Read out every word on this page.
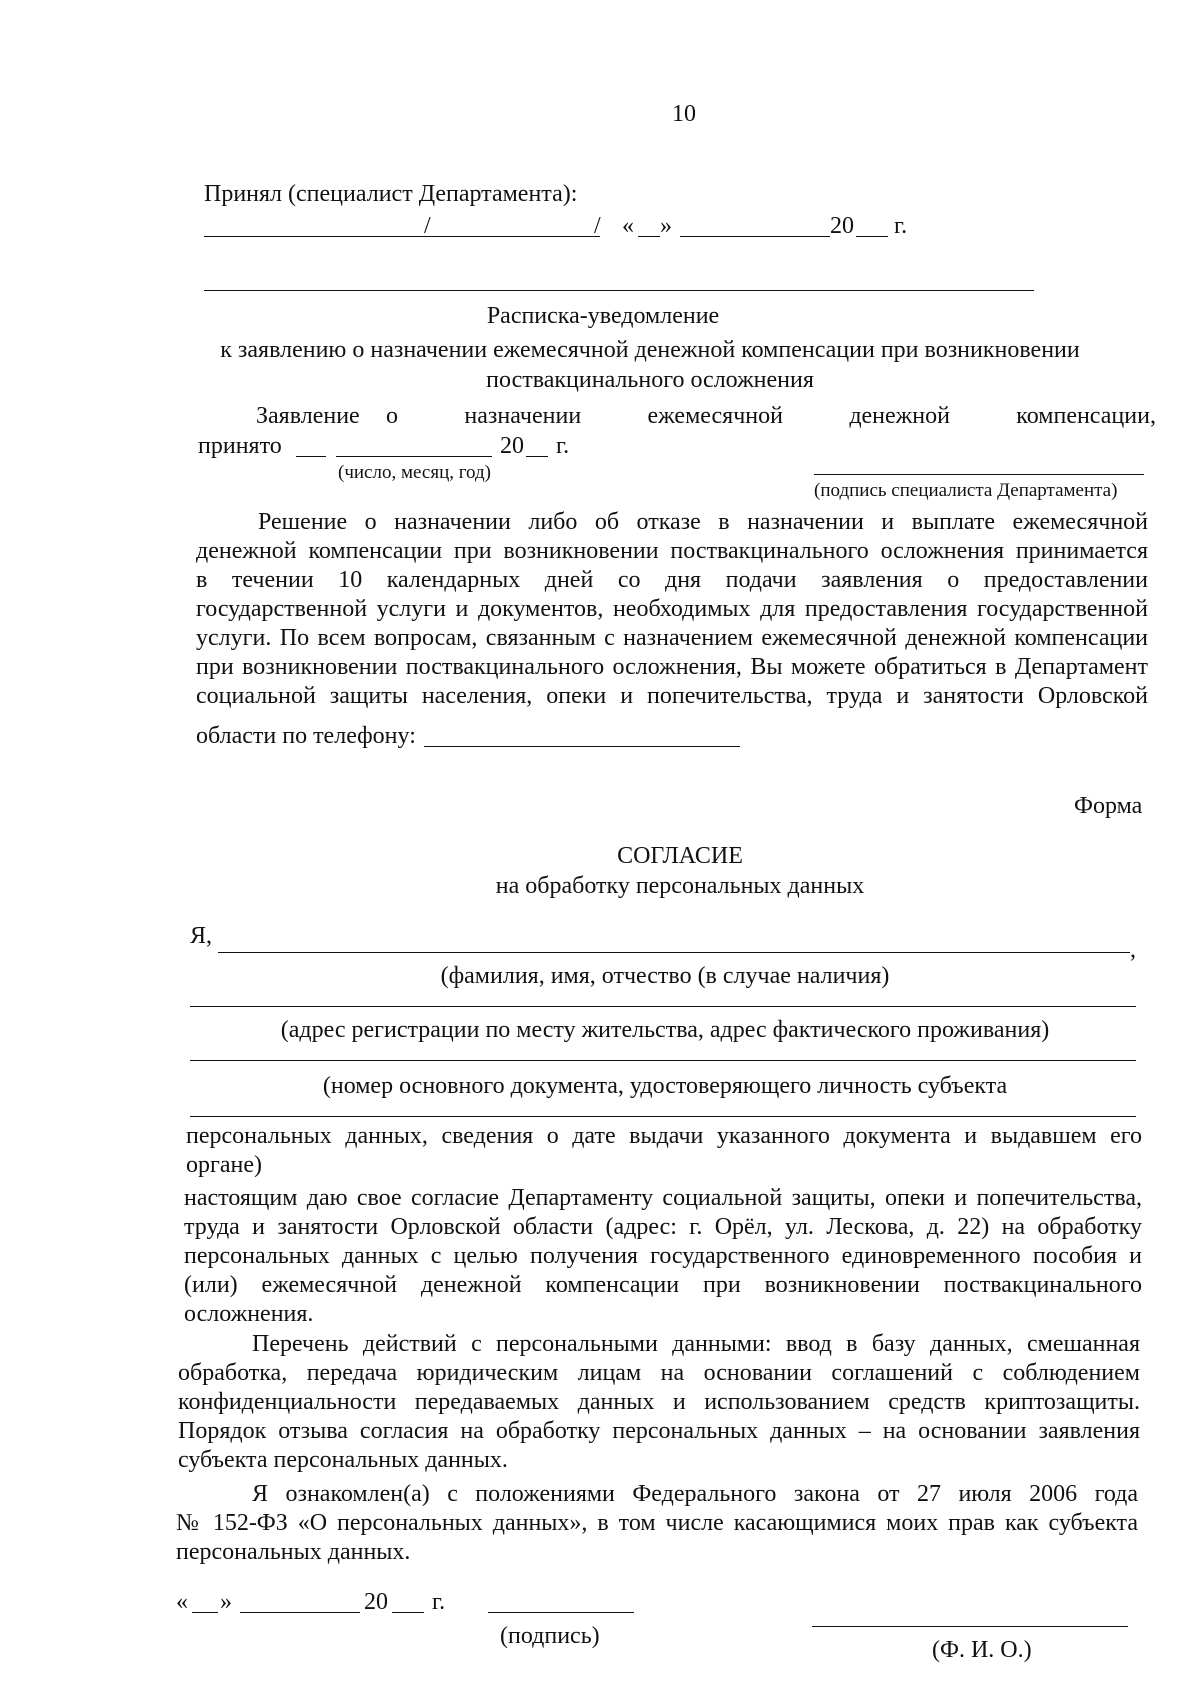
10
Принял (специалист Департамента):
/	/ « »	20 г.
Расписка-уведомление
к заявлению о назначении ежемесячной денежной компенсации при возникновении
поствакцинального осложнения
Заявление о	назначении	ежемесячной	денежной	компенсации,
принято	20 г.
(число, месяц, год)
(подпись специалиста Департамента)
Решение о назначении либо об отказе в назначении и выплате ежемесячной
денежной компенсации при возникновении поствакцинального осложнения принимается
в течении 10 календарных дней со дня подачи заявления о предоставлении
государственной услуги и документов, необходимых для предоставления государственной
услуги. По всем вопросам, связанным с назначением ежемесячной денежной компенсации
при возникновении поствакцинального осложнения, Вы можете обратиться в Департамент
социальной защиты населения, опеки и попечительства, труда и занятости Орловской
области по телефону:
Форма
СОГЛАСИЕ
на обработку персональных данных
Я,
,
(фамилия, имя, отчество (в случае наличия)
(адрес регистрации по месту жительства, адрес фактического проживания)
(номер основного документа, удостоверяющего личность субъекта
персональных данных, сведения о дате выдачи указанного документа и выдавшем его
органе)
настоящим даю свое согласие Департаменту социальной защиты, опеки и попечительства,
труда и занятости Орловской области (адрес: г. Орёл, ул. Лескова, д. 22) на обработку
персональных данных с целью получения государственного единовременного пособия и
(или) ежемесячной денежной компенсации при возникновении поствакцинального
осложнения.
Перечень действий с персональными данными: ввод в базу данных, смешанная
обработка, передача юридическим лицам на основании соглашений с соблюдением
конфиденциальности передаваемых данных и использованием средств криптозащиты.
Порядок отзыва согласия на обработку персональных данных – на основании заявления
субъекта персональных данных.
Я ознакомлен(а) с положениями Федерального закона от 27 июля 2006 года
№ 152-ФЗ «О персональных данных», в том числе касающимися моих прав как субъекта
персональных данных.
« »	20 г.
(подпись)
(Ф. И. О.)
